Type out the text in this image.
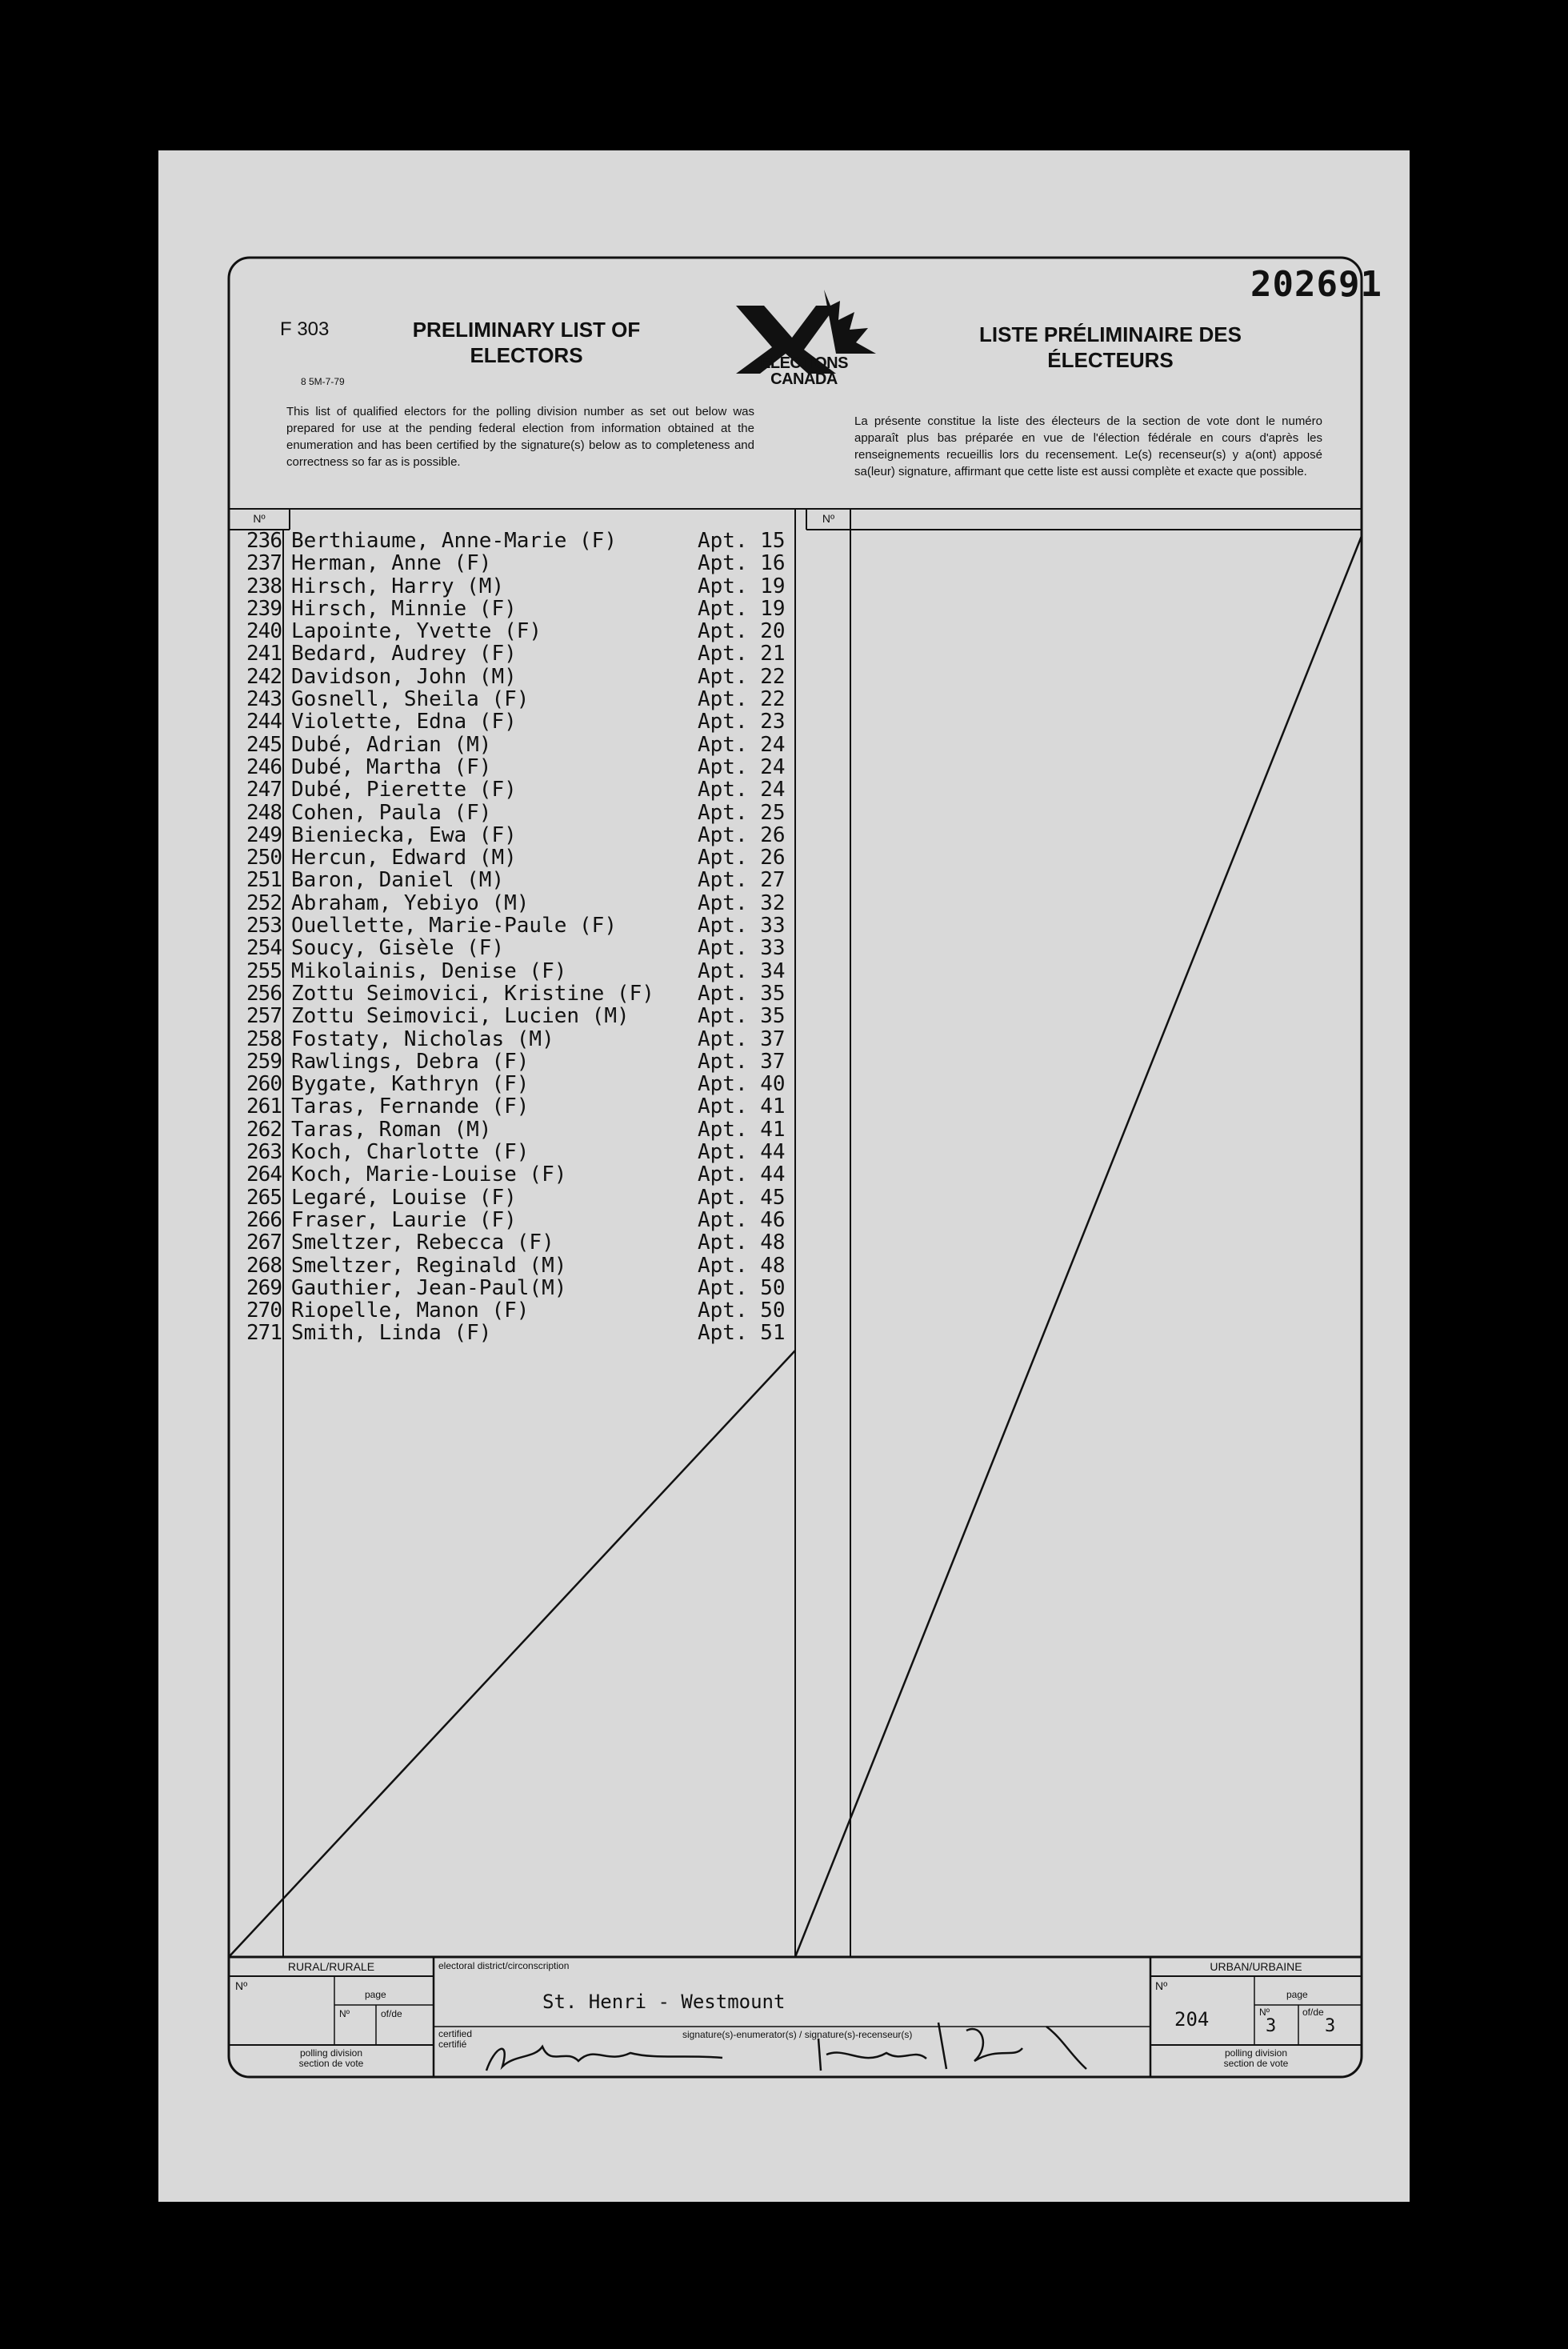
202691
F 303
8 5M-7-79
PRELIMINARY LIST OF ELECTORS
LISTE PRÉLIMINAIRE DES ÉLECTEURS
ELECTIONS
CANADA
This list of qualified electors for the polling division number as set out below was prepared for use at the pending federal election from information obtained at the enumeration and has been certified by the signature(s) below as to completeness and correctness so far as is possible.
La présente constitue la liste des électeurs de la section de vote dont le numéro apparaît plus bas préparée en vue de l'élection fédérale en cours d'après les renseignements recueillis lors du recensement. Le(s) recenseur(s) y a(ont) apposé sa(leur) signature, affirmant que cette liste est aussi complète et exacte que possible.
Nº	Nº
236 Berthiaume, Anne-Marie (F)	Apt. 15
237 Herman, Anne (F)	Apt. 16
238 Hirsch, Harry (M)	Apt. 19
239 Hirsch, Minnie (F)	Apt. 19
240 Lapointe, Yvette (F)	Apt. 20
241 Bedard, Audrey (F)	Apt. 21
242 Davidson, John (M)	Apt. 22
243 Gosnell, Sheila (F)	Apt. 22
244 Violette, Edna (F)	Apt. 23
245 Dubé, Adrian (M)	Apt. 24
246 Dubé, Martha (F)	Apt. 24
247 Dubé, Pierette (F)	Apt. 24
248 Cohen, Paula (F)	Apt. 25
249 Bieniecka, Ewa (F)	Apt. 26
250 Hercun, Edward (M)	Apt. 26
251 Baron, Daniel (M)	Apt. 27
252 Abraham, Yebiyo (M)	Apt. 32
253 Ouellette, Marie-Paule (F)	Apt. 33
254 Soucy, Gisèle (F)	Apt. 33
255 Mikolainis, Denise (F)	Apt. 34
256 Zottu Seimovici, Kristine (F)	Apt. 35
257 Zottu Seimovici, Lucien (M)	Apt. 35
258 Fostaty, Nicholas (M)	Apt. 37
259 Rawlings, Debra (F)	Apt. 37
260 Bygate, Kathryn (F)	Apt. 40
261 Taras, Fernande (F)	Apt. 41
262 Taras, Roman (M)	Apt. 41
263 Koch, Charlotte (F)	Apt. 44
264 Koch, Marie-Louise (F)	Apt. 44
265 Legaré, Louise (F)	Apt. 45
266 Fraser, Laurie (F)	Apt. 46
267 Smeltzer, Rebecca (F)	Apt. 48
268 Smeltzer, Reginald (M)	Apt. 48
269 Gauthier, Jean-Paul(M)	Apt. 50
270 Riopelle, Manon (F)	Apt. 50
271 Smith, Linda (F)	Apt. 51
RURAL/RURALE	URBAN/URBAINE
Nº
page
Nº	of/de
polling division
section de vote
electoral district/circonscription
St. Henri - Westmount
certified
certifié
signature(s)-enumerator(s) / signature(s)-recenseur(s)
Nº
page
204	Nº
3
of/de
3
polling division
section de vote
